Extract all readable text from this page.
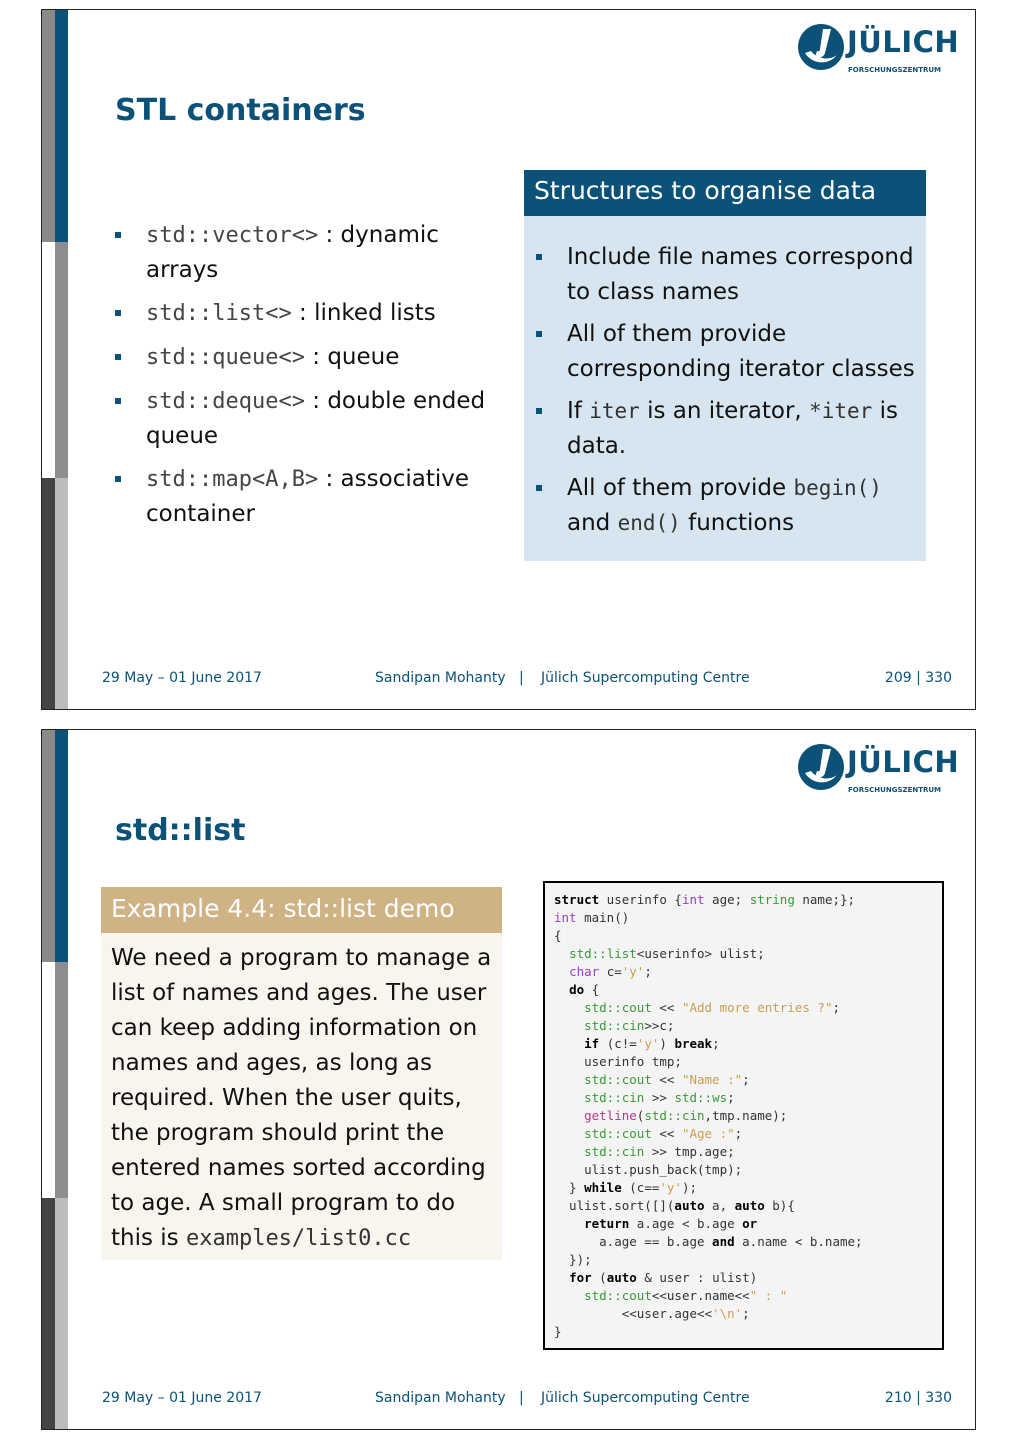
JÜLICH
FORSCHUNGSZENTRUM
STL containers
std::vector<> : dynamic arrays
std::list<> : linked lists
std::queue<> : queue
std::deque<> : double ended queue
std::map<A,B> : associative container
Structures to organise data
Include file names correspond to class names
All of them provide corresponding iterator classes
If iter is an iterator, *iter is data.
All of them provide begin() and end() functions
29 May – 01 June 2017	Sandipan Mohanty | Jülich Supercomputing Centre	209 | 330
JÜLICH
FORSCHUNGSZENTRUM
std::list
Example 4.4: std::list demo
We need a program to manage a list of names and ages. The user can keep adding information on names and ages, as long as required. When the user quits, the program should print the entered names sorted according to age. A small program to do this is examples/list0.cc
struct userinfo {int age; string name;};
int main()
{
std::list<userinfo> ulist;
char c='y';
do {
std::cout << "Add more entries ?";
std::cin>>c;
if (c!='y') break;
userinfo tmp;
std::cout << "Name :";
std::cin >> std::ws;
getline(std::cin,tmp.name);
std::cout << "Age :";
std::cin >> tmp.age;
ulist.push_back(tmp);
} while (c=='y');
ulist.sort([](auto a, auto b){
return a.age < b.age or
a.age == b.age and a.name < b.name;
});
for (auto & user : ulist)
std::cout<<user.name<<" : "
<<user.age<<'\n';
}
29 May – 01 June 2017	Sandipan Mohanty | Jülich Supercomputing Centre	210 | 330
